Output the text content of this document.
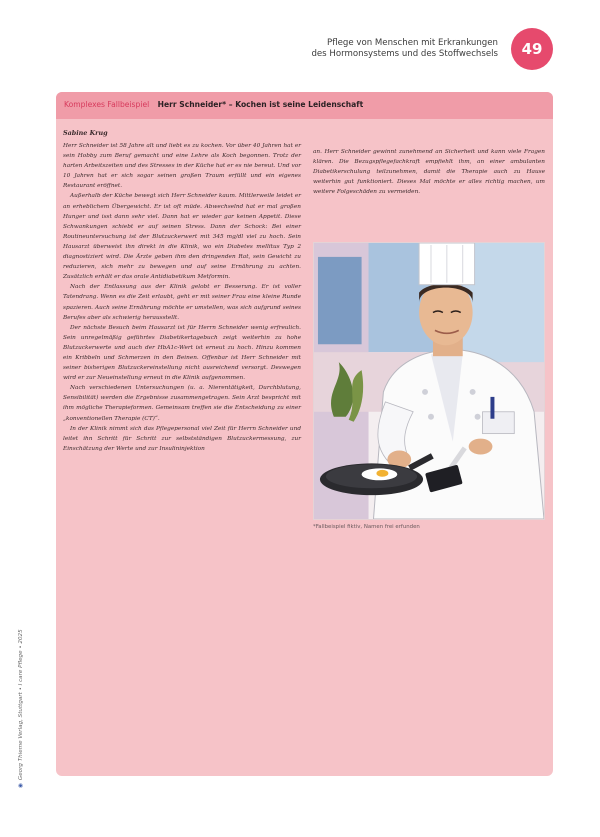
Pflege von Menschen mit Erkrankungen
des Hormonsystems und des Stoffwechsels	49
Komplexes Fallbeispiel Herr Schneider* – Kochen ist seine Leidenschaft
Sabine Krug

Herr Schneider ist 58 Jahre alt und liebt es zu kochen. Vor über 40 Jahren hat er sein Hobby zum Beruf gemacht und eine Lehre als Koch begonnen. Trotz der harten Arbeitszeiten und des Stresses in der Küche hat er es nie bereut. Und vor 10 Jahren hat er sich sogar seinen großen Traum erfüllt und ein eigenes Restaurant eröffnet.

Außerhalb der Küche bewegt sich Herr Schneider kaum. Mittlerweile leidet er an erheblichem Übergewicht. Er ist oft müde. Abwechselnd hat er mal großen Hunger und isst dann sehr viel. Dann hat er wieder gar keinen Appetit. Diese Schwankungen schiebt er auf seinen Stress. Dann der Schock: Bei einer Routineuntersuchung ist der Blutzuckerwert mit 345 mg/dl viel zu hoch. Sein Hausarzt überweist ihn direkt in die Klinik, wo ein Diabetes mellitus Typ 2 diagnostiziert wird. Die Ärzte geben ihm den dringenden Rat, sein Gewicht zu reduzieren, sich mehr zu bewegen und auf seine Ernährung zu achten. Zusätzlich erhält er das orale Antidiabetikum Metformin.

Nach der Entlassung aus der Klinik gelobt er Besserung. Er ist voller Tatendrang. Wenn es die Zeit erlaubt, geht er mit seiner Frau eine kleine Runde spazieren. Auch seine Ernährung möchte er umstellen, was sich aufgrund seines Berufes aber als schwierig herausstellt.

Der nächste Besuch beim Hausarzt ist für Herrn Schneider wenig erfreulich. Sein unregelmäßig geführtes Diabetikertagebuch zeigt weiterhin zu hohe Blutzuckerwerte und auch der HbA1c-Wert ist erneut zu hoch. Hinzu kommen ein Kribbeln und Schmerzen in den Beinen. Offenbar ist Herr Schneider mit seiner bisherigen Blutzuckereinstellung nicht ausreichend versorgt. Deswegen wird er zur Neueinstellung erneut in die Klinik aufgenommen.

Nach verschiedenen Untersuchungen (u. a. Nierentätigkeit, Durchblutung, Sensibilität) werden die Ergebnisse zusammengetragen. Sein Arzt bespricht mit ihm mögliche Therapieformen. Gemeinsam treffen sie die Entscheidung zu einer „konventionellen Therapie (CT)“.

In der Klinik nimmt sich das Pflegepersonal viel Zeit für Herrn Schneider und leitet ihn Schritt für Schritt zur selbstständigen Blutzuckermessung, zur Einschätzung der Werte und zur Insulininjektion

an. Herr Schneider gewinnt zunehmend an Sicherheit und kann viele Fragen klären. Die Bezugspflegefachkraft empfiehlt ihm, an einer ambulanten Diabetikerschulung teilzunehmen, damit die Therapie auch zu Hause weiterhin gut funktioniert. Dieses Mal möchte er alles richtig machen, um weitere Folgeschäden zu vermeiden.

*Fallbeispiel fiktiv, Namen frei erfunden
◉Georg Thieme Verlag, Stuttgart • I care Pflege • 2025
